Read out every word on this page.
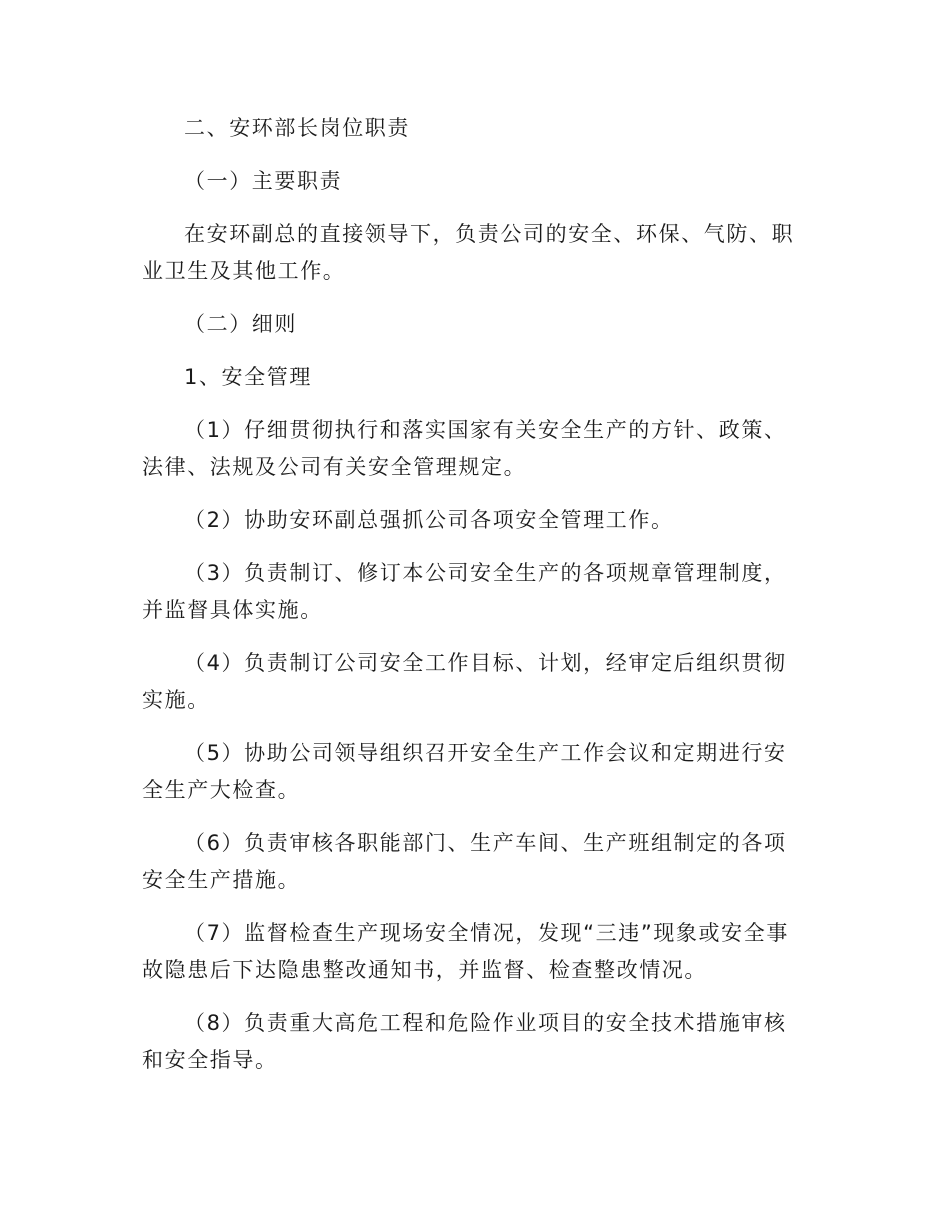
二、安环部长岗位职责

（一）主要职责

在安环副总的直接领导下，负责公司的安全、环保、气防、职业卫生及其他工作。

（二）细则

1、安全管理

（1）仔细贯彻执行和落实国家有关安全生产的方针、政策、法律、法规及公司有关安全管理规定。

（2）协助安环副总强抓公司各项安全管理工作。

（3）负责制订、修订本公司安全生产的各项规章管理制度，并监督具体实施。

（4）负责制订公司安全工作目标、计划，经审定后组织贯彻实施。

（5）协助公司领导组织召开安全生产工作会议和定期进行安全生产大检查。

（6）负责审核各职能部门、生产车间、生产班组制定的各项安全生产措施。

（7）监督检查生产现场安全情况，发现“三违”现象或安全事故隐患后下达隐患整改通知书，并监督、检查整改情况。

（8）负责重大高危工程和危险作业项目的安全技术措施审核和安全指导。
